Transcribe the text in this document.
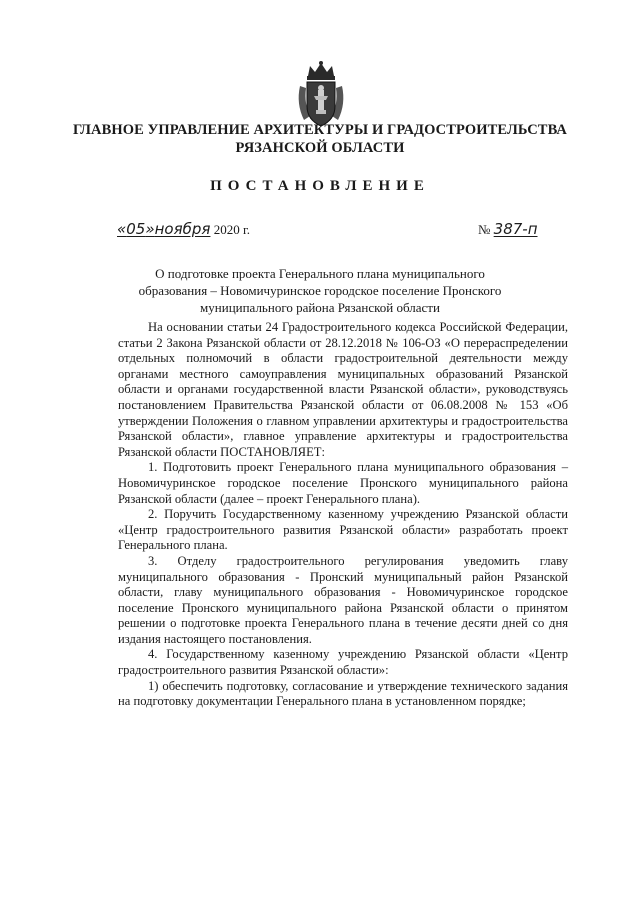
ГЛАВНОЕ УПРАВЛЕНИЕ АРХИТЕКТУРЫ И ГРАДОСТРОИТЕЛЬСТВА
РЯЗАНСКОЙ ОБЛАСТИ
ПОСТАНОВЛЕНИЕ
«05»ноября 2020 г.	№ 387-п
О подготовке проекта Генерального плана муниципального образования – Новомичуринское городское поселение Пронского муниципального района Рязанской области

На основании статьи 24 Градостроительного кодекса Российской Федерации, статьи 2 Закона Рязанской области от 28.12.2018 № 106-ОЗ «О перераспределении отдельных полномочий в области градостроительной деятельности между органами местного самоуправления муниципальных образований Рязанской области и органами государственной власти Рязанской области», руководствуясь постановлением Правительства Рязанской области от 06.08.2008 № 153 «Об утверждении Положения о главном управлении архитектуры и градостроительства Рязанской области», главное управление архитектуры и градостроительства Рязанской области ПОСТАНОВЛЯЕТ:

1. Подготовить проект Генерального плана муниципального образования – Новомичуринское городское поселение Пронского муниципального района Рязанской области (далее – проект Генерального плана).

2. Поручить Государственному казенному учреждению Рязанской области «Центр градостроительного развития Рязанской области» разработать проект Генерального плана.

3. Отделу градостроительного регулирования уведомить главу муниципального образования - Пронский муниципальный район Рязанской области, главу муниципального образования - Новомичуринское городское поселение Пронского муниципального района Рязанской области о принятом решении о подготовке проекта Генерального плана в течение десяти дней со дня издания настоящего постановления.

4. Государственному казенному учреждению Рязанской области «Центр градостроительного развития Рязанской области»:

1) обеспечить подготовку, согласование и утверждение технического задания на подготовку документации Генерального плана в установленном порядке;
